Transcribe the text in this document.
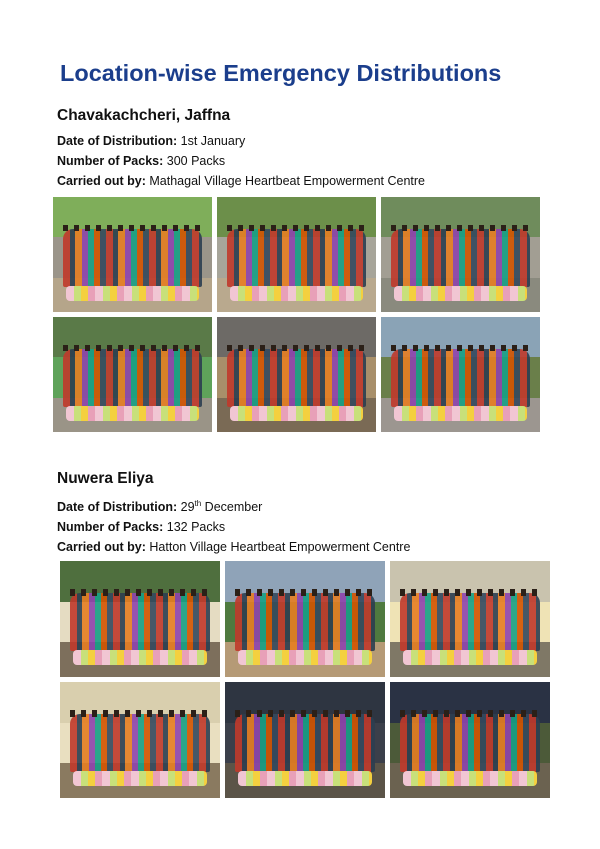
Location-wise Emergency Distributions
Chavakachcheri, Jaffna
Date of Distribution: 1st January
Number of Packs: 300 Packs
Carried out by: Mathagal Village Heartbeat Empowerment Centre
Nuwera Eliya
Date of Distribution: 29th December
Number of Packs: 132 Packs
Carried out by: Hatton Village Heartbeat Empowerment Centre
